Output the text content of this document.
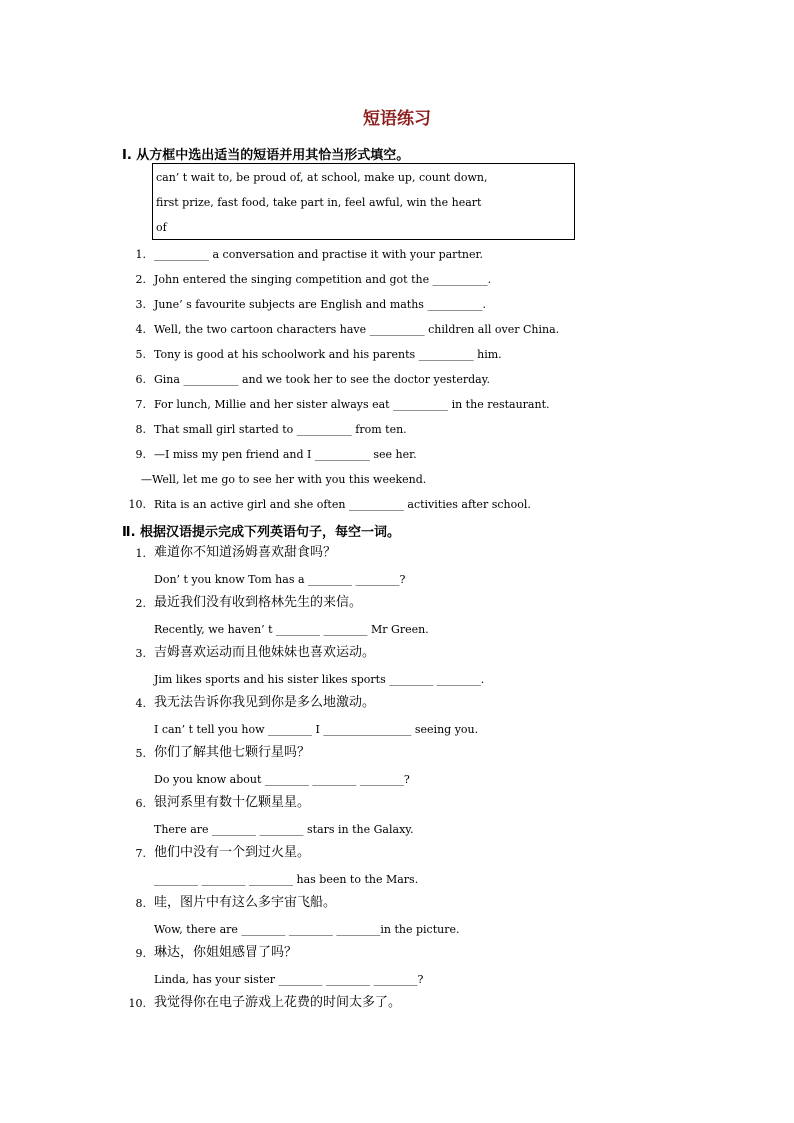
短语练习
Ⅰ. 从方框中选出适当的短语并用其恰当形式填空。
can’ t wait to, be proud of, at school, make up, count down,
first prize, fast food, take part in, feel awful, win the heart
of
1. __________ a conversation and practise it with your partner.
2. John entered the singing competition and got the __________.
3. June’ s favourite subjects are English and maths __________.
4. Well, the two cartoon characters have __________ children all over China.
5. Tony is good at his schoolwork and his parents __________ him.
6. Gina __________ and we took her to see the doctor yesterday.
7. For lunch, Millie and her sister always eat __________ in the restaurant.
8. That small girl started to __________ from ten.
9. —I miss my pen friend and I __________ see her.
—Well, let me go to see her with you this weekend.
10. Rita is an active girl and she often __________ activities after school.
Ⅱ. 根据汉语提示完成下列英语句子，每空一词。
1. 难道你不知道汤姆喜欢甜食吗？
Don’ t you know Tom has a ________ ________?
2. 最近我们没有收到格林先生的来信。
Recently, we haven’ t ________ ________ Mr Green.
3. 吉姆喜欢运动而且他妹妹也喜欢运动。
Jim likes sports and his sister likes sports ________ ________.
4. 我无法告诉你我见到你是多么地激动。
I can’ t tell you how ________ I ________________ seeing you.
5. 你们了解其他七颗行星吗？
Do you know about ________ ________ ________?
6. 银河系里有数十亿颗星星。
There are ________ ________ stars in the Galaxy.
7. 他们中没有一个到过火星。
________ ________ ________ has been to the Mars.
8. 哇，图片中有这么多宇宙飞船。
Wow, there are ________ ________ ________in the picture.
9. 琳达，你姐姐感冒了吗？
Linda, has your sister ________ ________ ________?
10. 我觉得你在电子游戏上花费的时间太多了。
